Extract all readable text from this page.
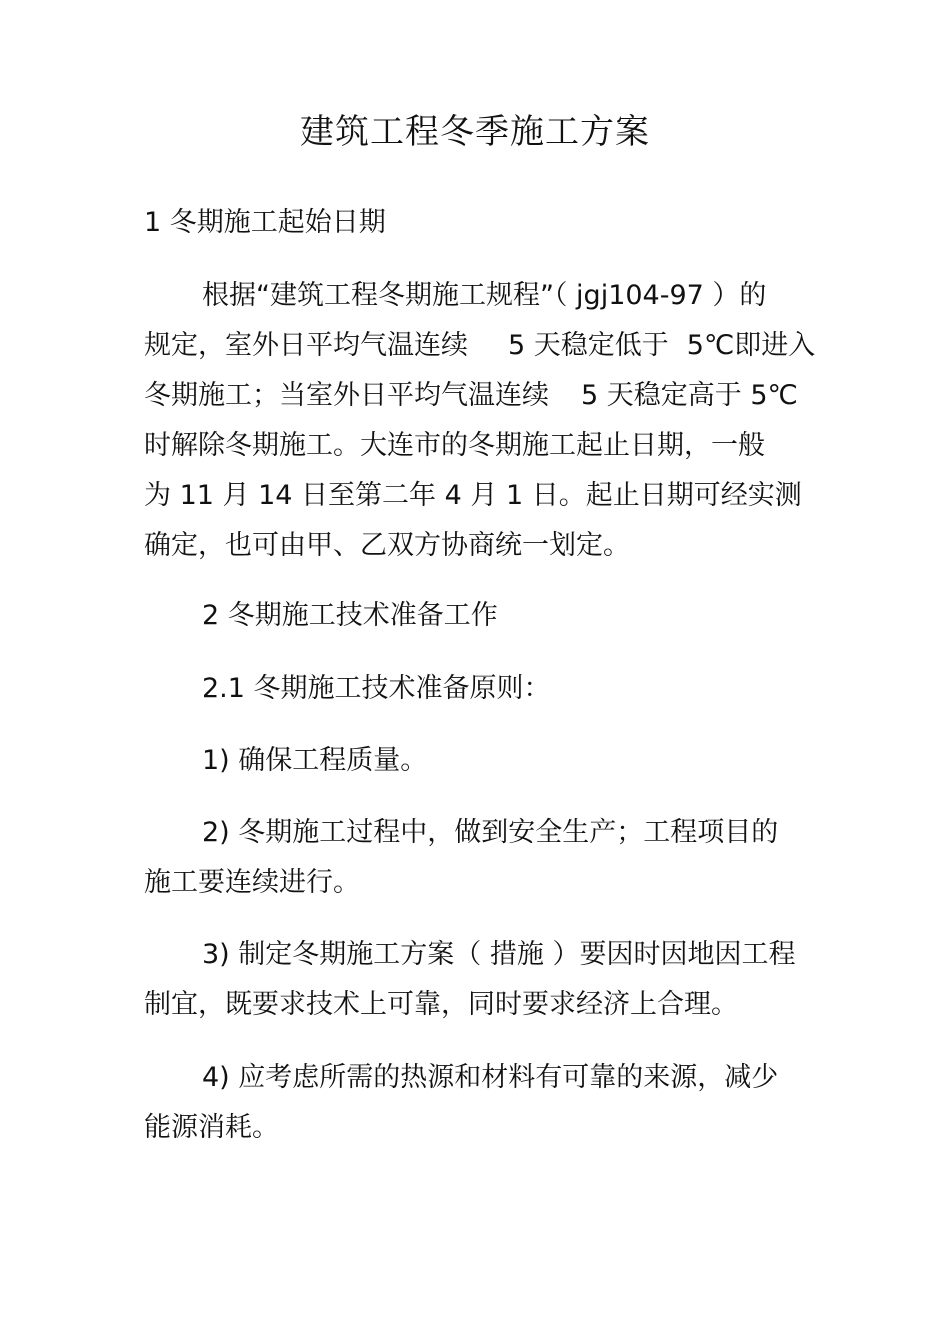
建筑工程冬季施工方案
1 冬期施工起始日期
根据“建筑工程冬期施工规程”（ jgj104-97 ）的
规定，室外日平均气温连续 5 天稳定低于 5℃即进入
冬期施工；当室外日平均气温连续 5 天稳定高于 5℃
时解除冬期施工。大连市的冬期施工起止日期，一般
为 11 月 14 日至第二年 4 月 1 日。起止日期可经实测
确定，也可由甲、乙双方协商统一划定。
2 冬期施工技术准备工作
2.1 冬期施工技术准备原则：
1) 确保工程质量。
2) 冬期施工过程中，做到安全生产；工程项目的
施工要连续进行。
3) 制定冬期施工方案（ 措施 ）要因时因地因工程
制宜，既要求技术上可靠，同时要求经济上合理。
4) 应考虑所需的热源和材料有可靠的来源，减少
能源消耗。
